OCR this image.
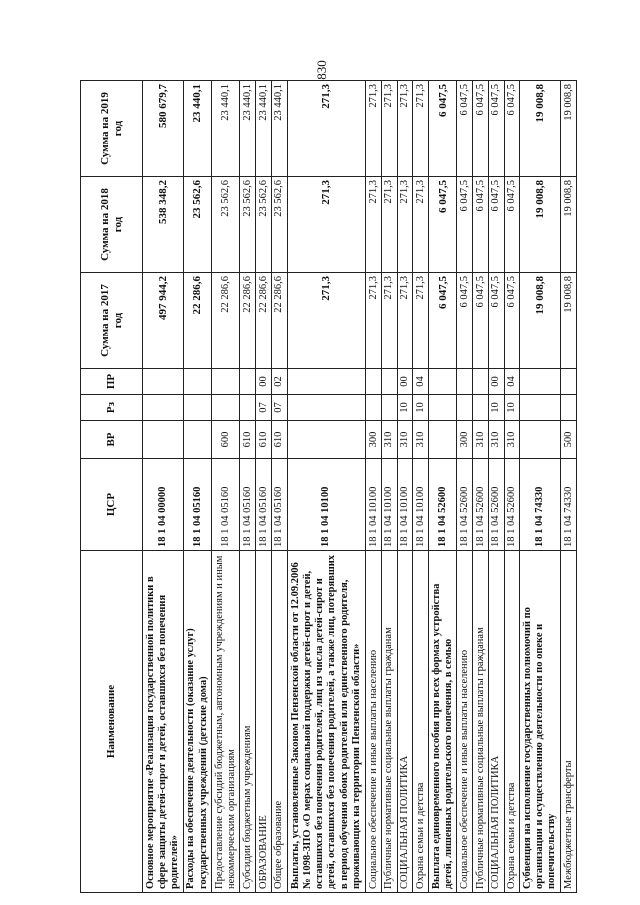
830
Наименование	ЦСР	ВР	Рз	ПР	Сумма на 2017 год	Сумма на 2018 год	Сумма на 2019 год
Основное мероприятие «Реализация государственной политики в сфере защиты детей-сирот и детей, оставшихся без попечения родителей»	18 1 04 00000				497 944,2	538 348,2	580 679,7
Расходы на обеспечение деятельности (оказание услуг) государственных учреждений (детские дома)	18 1 04 05160				22 286,6	23 562,6	23 440,1
Предоставление субсидий бюджетным, автономным учреждениям и иным некоммерческим организациям	18 1 04 05160	600			22 286,6	23 562,6	23 440,1
Субсидии бюджетным учреждениям	18 1 04 05160	610			22 286,6	23 562,6	23 440,1
ОБРАЗОВАНИЕ	18 1 04 05160	610	07	00	22 286,6	23 562,6	23 440,1
Общее образование	18 1 04 05160	610	07	02	22 286,6	23 562,6	23 440,1
Выплаты, установленные Законом Пензенской области от 12.09.2006 № 1098-ЗПО «О мерах социальной поддержки детей-сирот и детей, оставшихся без попечения родителей, лиц из числа детей-сирот и детей, оставшихся без попечения родителей, а также лиц, потерявших в период обучения обоих родителей или единственного родителя, проживающих на территории Пензенской области»	18 1 04 10100				271,3	271,3	271,3
Социальное обеспечение и иные выплаты населению	18 1 04 10100	300			271,3	271,3	271,3
Публичные нормативные социальные выплаты гражданам	18 1 04 10100	310			271,3	271,3	271,3
СОЦИАЛЬНАЯ ПОЛИТИКА	18 1 04 10100	310	10	00	271,3	271,3	271,3
Охрана семьи и детства	18 1 04 10100	310	10	04	271,3	271,3	271,3
Выплата единовременного пособия при всех формах устройства детей, лишенных родительского попечения, в семью	18 1 04 52600				6 047,5	6 047,5	6 047,5
Социальное обеспечение и иные выплаты населению	18 1 04 52600	300			6 047,5	6 047,5	6 047,5
Публичные нормативные социальные выплаты гражданам	18 1 04 52600	310			6 047,5	6 047,5	6 047,5
СОЦИАЛЬНАЯ ПОЛИТИКА	18 1 04 52600	310	10	00	6 047,5	6 047,5	6 047,5
Охрана семьи и детства	18 1 04 52600	310	10	04	6 047,5	6 047,5	6 047,5
Субвенция на исполнение государственных полномочий по организации и осуществлению деятельности по опеке и попечительству	18 1 04 74330				19 008,8	19 008,8	19 008,8
Межбюджетные трансферты	18 1 04 74330	500			19 008,8	19 008,8	19 008,8
